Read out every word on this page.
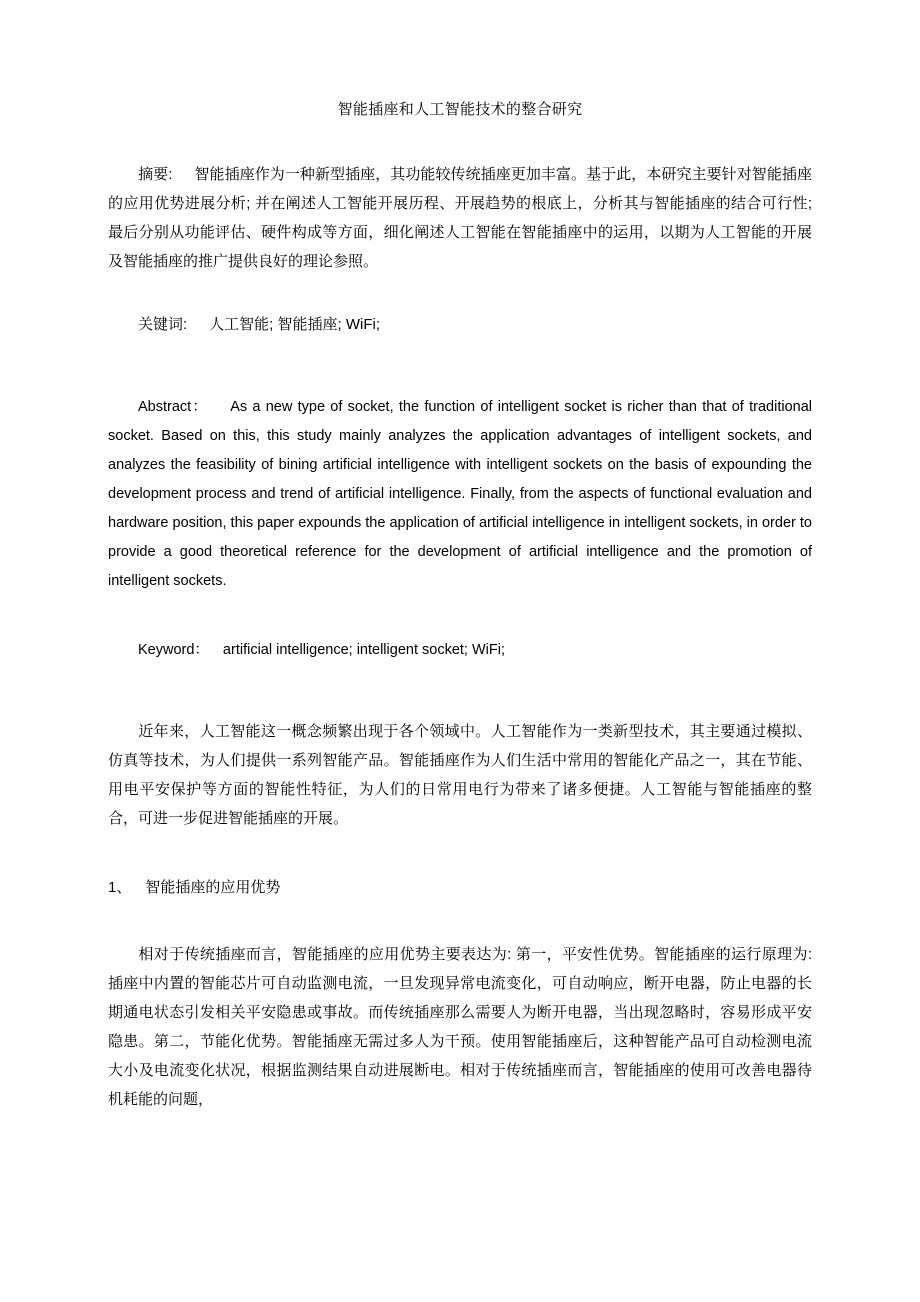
智能插座和人工智能技术的整合研究
摘要: 智能插座作为一种新型插座，其功能较传统插座更加丰富。基于此，本研究主要针对智能插座的应用优势进展分析; 并在阐述人工智能开展历程、开展趋势的根底上，分析其与智能插座的结合可行性; 最后分别从功能评估、硬件构成等方面，细化阐述人工智能在智能插座中的运用，以期为人工智能的开展及智能插座的推广提供良好的理论参照。
关键词: 人工智能; 智能插座; WiFi;
Abstract： As a new type of socket, the function of intelligent socket is richer than that of traditional socket. Based on this, this study mainly analyzes the application advantages of intelligent sockets, and analyzes the feasibility of bining artificial intelligence with intelligent sockets on the basis of expounding the development process and trend of artificial intelligence. Finally, from the aspects of functional evaluation and hardware position, this paper expounds the application of artificial intelligence in intelligent sockets, in order to provide a good theoretical reference for the development of artificial intelligence and the promotion of intelligent sockets.
Keyword： artificial intelligence; intelligent socket; WiFi;
近年来，人工智能这一概念频繁出现于各个领域中。人工智能作为一类新型技术，其主要通过模拟、仿真等技术，为人们提供一系列智能产品。智能插座作为人们生活中常用的智能化产品之一，其在节能、用电平安保护等方面的智能性特征，为人们的日常用电行为带来了诸多便捷。人工智能与智能插座的整合，可进一步促进智能插座的开展。
1、 智能插座的应用优势
相对于传统插座而言，智能插座的应用优势主要表达为: 第一，平安性优势。智能插座的运行原理为: 插座中内置的智能芯片可自动监测电流，一旦发现异常电流变化，可自动响应，断开电器，防止电器的长期通电状态引发相关平安隐患或事故。而传统插座那么需要人为断开电器，当出现忽略时，容易形成平安隐患。第二，节能化优势。智能插座无需过多人为干预。使用智能插座后，这种智能产品可自动检测电流大小及电流变化状况，根据监测结果自动进展断电。相对于传统插座而言，智能插座的使用可改善电器待机耗能的问题，
